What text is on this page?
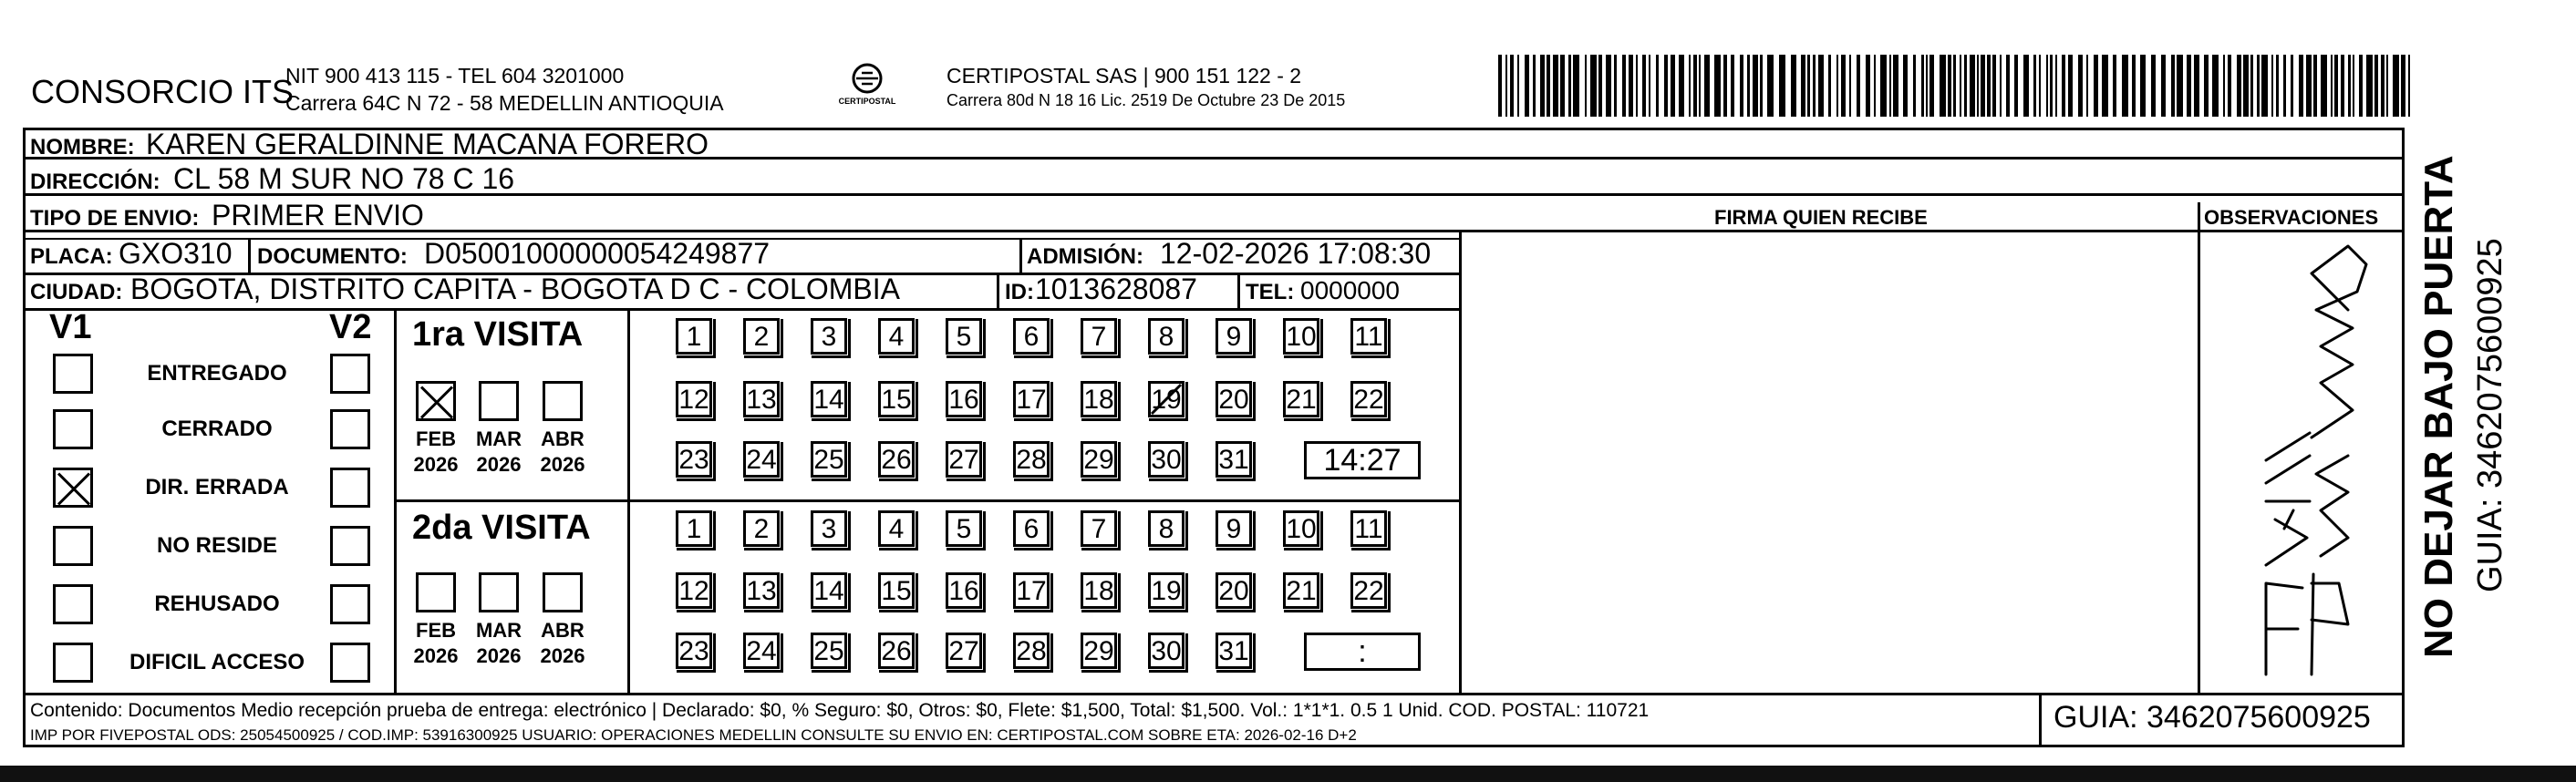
CONSORCIO ITS
NIT 900 413 115 - TEL 604 3201000
Carrera 64C N 72 - 58 MEDELLIN ANTIOQUIA	CERTIPOSTAL
CERTIPOSTAL SAS | 900 151 122 - 2
Carrera 80d N 18 16 Lic. 2519 De Octubre 23 De 2015
NOMBRE: KAREN GERALDINNE MACANA FORERO
DIRECCIÓN: CL 58 M SUR NO 78 C 16
TIPO DE ENVIO: PRIMER ENVIO	FIRMA QUIEN RECIBE	OBSERVACIONES
PLACA: GXO310 DOCUMENTO: D05001000000054249877	ADMISIÓN: 12-02-2026 17:08:30
CIUDAD: BOGOTA, DISTRITO CAPITA - BOGOTA D C - COLOMBIA	ID: 1013628087 TEL: 0000000
V1	V2
ENTREGADO
CERRADO
DIR. ERRADA
NO RESIDE
REHUSADO
DIFICIL ACCESO
1ra VISITA
FEB
2026
MAR
2026
ABR
2026
1	2	3	4	5	6	7	8	9	10 11
12 13 14 15 16 17 18 19 20 21 22
23 24 25 26 27 28 29 30 31	14:27
2da VISITA
FEB
2026
MAR
2026
ABR
2026
1	2	3	4	5	6	7	8	9	10 11
12 13 14 15 16 17 18 19 20 21 22
23 24 25 26 27 28 29 30 31	:
Contenido: Documentos Medio recepción prueba de entrega: electrónico | Declarado: $0, % Seguro: $0, Otros: $0, Flete: $1,500, Total: $1,500. Vol.: 1*1*1. 0.5 1 Unid. COD. POSTAL: 110721
IMP POR FIVEPOSTAL ODS: 25054500925 / COD.IMP: 53916300925 USUARIO: OPERACIONES MEDELLIN CONSULTE SU ENVIO EN: CERTIPOSTAL.COM SOBRE ETA: 2026-02-16 D+2
GUIA: 3462075600925
NO DEJAR BAJO PUERTA GUIA: 3462075600925
